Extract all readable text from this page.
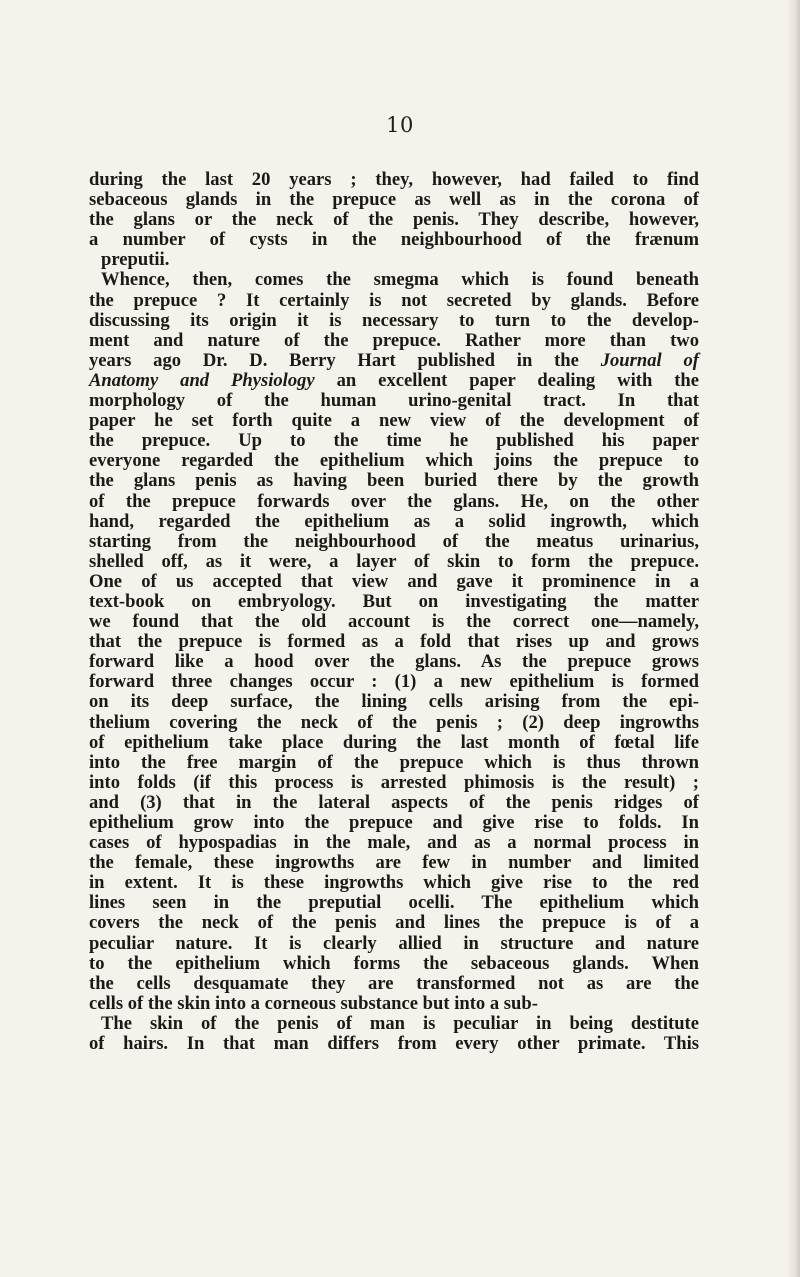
10
during the last 20 years ; they, however, had failed to find
sebaceous glands in the prepuce as well as in the corona of
the glans or the neck of the penis. They describe, however,
a number of cysts in the neighbourhood of the frænum
preputii.
Whence, then, comes the smegma which is found beneath
the prepuce ? It certainly is not secreted by glands. Before
discussing its origin it is necessary to turn to the develop-
ment and nature of the prepuce. Rather more than two
years ago Dr. D. Berry Hart published in the Journal of
Anatomy and Physiology an excellent paper dealing with the
morphology of the human urino-genital tract. In that
paper he set forth quite a new view of the development of
the prepuce. Up to the time he published his paper
everyone regarded the epithelium which joins the prepuce to
the glans penis as having been buried there by the growth
of the prepuce forwards over the glans. He, on the other
hand, regarded the epithelium as a solid ingrowth, which
starting from the neighbourhood of the meatus urinarius,
shelled off, as it were, a layer of skin to form the prepuce.
One of us accepted that view and gave it prominence in a
text-book on embryology. But on investigating the matter
we found that the old account is the correct one—namely,
that the prepuce is formed as a fold that rises up and grows
forward like a hood over the glans. As the prepuce grows
forward three changes occur : (1) a new epithelium is formed
on its deep surface, the lining cells arising from the epi-
thelium covering the neck of the penis ; (2) deep ingrowths
of epithelium take place during the last month of fœtal life
into the free margin of the prepuce which is thus thrown
into folds (if this process is arrested phimosis is the result) ;
and (3) that in the lateral aspects of the penis ridges of
epithelium grow into the prepuce and give rise to folds. In
cases of hypospadias in the male, and as a normal process in
the female, these ingrowths are few in number and limited
in extent. It is these ingrowths which give rise to the red
lines seen in the preputial ocelli. The epithelium which
covers the neck of the penis and lines the prepuce is of a
peculiar nature. It is clearly allied in structure and nature
to the epithelium which forms the sebaceous glands. When
the cells desquamate they are transformed not as are the
cells of the skin into a corneous substance but into a sub-
The skin of the penis of man is peculiar in being destitute
of hairs. In that man differs from every other primate. This
